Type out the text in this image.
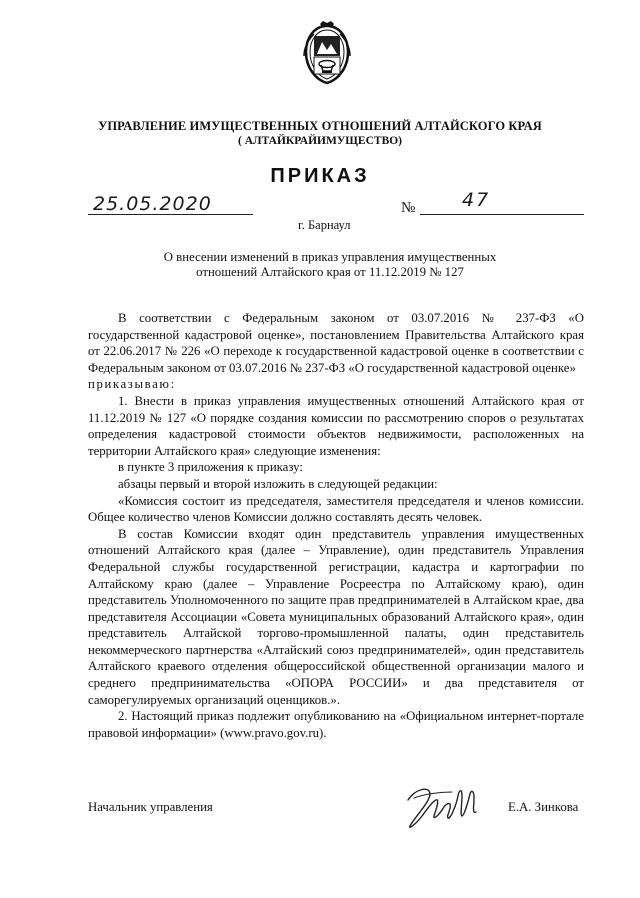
УПРАВЛЕНИЕ ИМУЩЕСТВЕННЫХ ОТНОШЕНИЙ АЛТАЙСКОГО КРАЯ
( АЛТАЙКРАЙИМУЩЕСТВО)
ПРИКАЗ
25.05.2020	№ 47
г. Барнаул
О внесении изменений в приказ управления имущественных
отношений Алтайского края от 11.12.2019 № 127

В соответствии с Федеральным законом от 03.07.2016 № 237-ФЗ «О государственной кадастровой оценке», постановлением Правительства Алтайского края от 22.06.2017 № 226 «О переходе к государственной кадастровой оценке в соответствии с Федеральным законом от 03.07.2016 № 237-ФЗ «О государственной кадастровой оценке»

приказываю:

1. Внести в приказ управления имущественных отношений Алтайского края от 11.12.2019 № 127 «О порядке создания комиссии по рассмотрению споров о результатах определения кадастровой стоимости объектов недвижимости, расположенных на территории Алтайского края» следующие изменения:

в пункте 3 приложения к приказу:

абзацы первый и второй изложить в следующей редакции:

«Комиссия состоит из председателя, заместителя председателя и членов комиссии. Общее количество членов Комиссии должно составлять десять человек.

В состав Комиссии входят один представитель управления имущественных отношений Алтайского края (далее – Управление), один представитель Управления Федеральной службы государственной регистрации, кадастра и картографии по Алтайскому краю (далее – Управление Росреестра по Алтайскому краю), один представитель Уполномоченного по защите прав предпринимателей в Алтайском крае, два представителя Ассоциации «Совета муниципальных образований Алтайского края», один представитель Алтайской торгово-промышленной палаты, один представитель некоммерческого партнерства «Алтайский союз предпринимателей», один представитель Алтайского краевого отделения общероссийской общественной организации малого и среднего предпринимательства «ОПОРА РОССИИ» и два представителя от саморегулируемых организаций оценщиков.».

2. Настоящий приказ подлежит опубликованию на «Официальном интернет-портале правовой информации» (www.pravo.gov.ru).

Начальник управления	Е.А. Зинкова
